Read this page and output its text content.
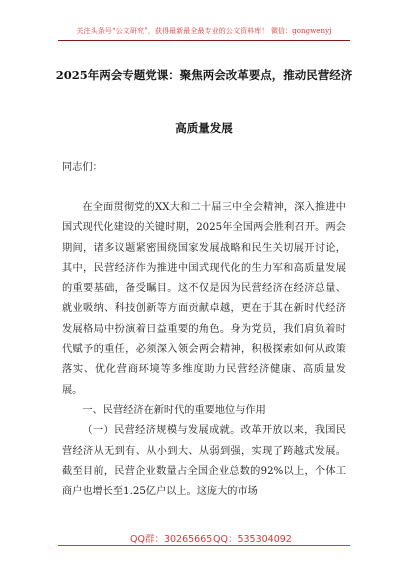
关注头条号“公文研究”，获得最新最全最专业的公文资料库！ 微信：gongwenyj
2025年两会专题党课：聚焦两会改革要点，推动民营经济
高质量发展

同志们：

在全面贯彻党的XX大和二十届三中全会精神，深入推进中国式现代化建设的关键时期，2025年全国两会胜利召开。两会期间，诸多议题紧密围绕国家发展战略和民生关切展开讨论，其中，民营经济作为推进中国式现代化的生力军和高质量发展的重要基础，备受瞩目。这不仅是因为民营经济在经济总量、就业吸纳、科技创新等方面贡献卓越，更在于其在新时代经济发展格局中扮演着日益重要的角色。身为党员，我们肩负着时代赋予的重任，必须深入领会两会精神，积极探索如何从政策落实、优化营商环境等多维度助力民营经济健康、高质量发展。

一、民营经济在新时代的重要地位与作用

（一）民营经济规模与发展成就。改革开放以来，我国民营经济从无到有、从小到大、从弱到强，实现了跨越式发展。截至目前，民营企业数量占全国企业总数的92%以上，个体工商户也增长至1.25亿户以上。这庞大的市场

QQ群：30265665 QQ：535304092
